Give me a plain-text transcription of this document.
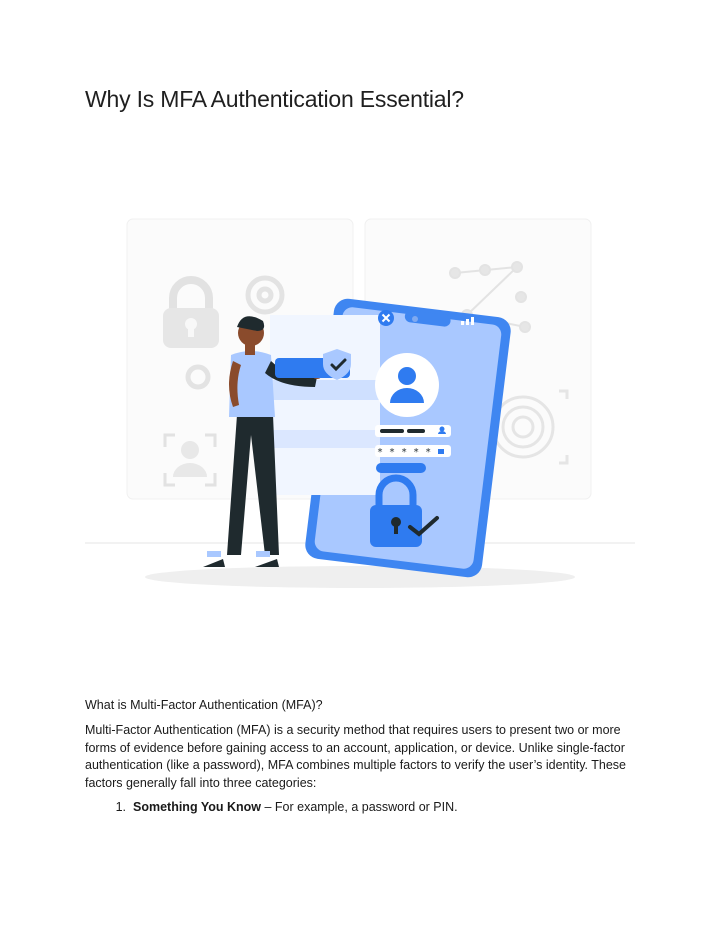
Why Is MFA Authentication Essential?
* * * * *

What is Multi-Factor Authentication (MFA)?

Multi-Factor Authentication (MFA) is a security method that requires users to present two or more forms of evidence before gaining access to an account, application, or device. Unlike single-factor authentication (like a password), MFA combines multiple factors to verify the user’s identity. These factors generally fall into three categories:

1. Something You Know – For example, a password or PIN.
